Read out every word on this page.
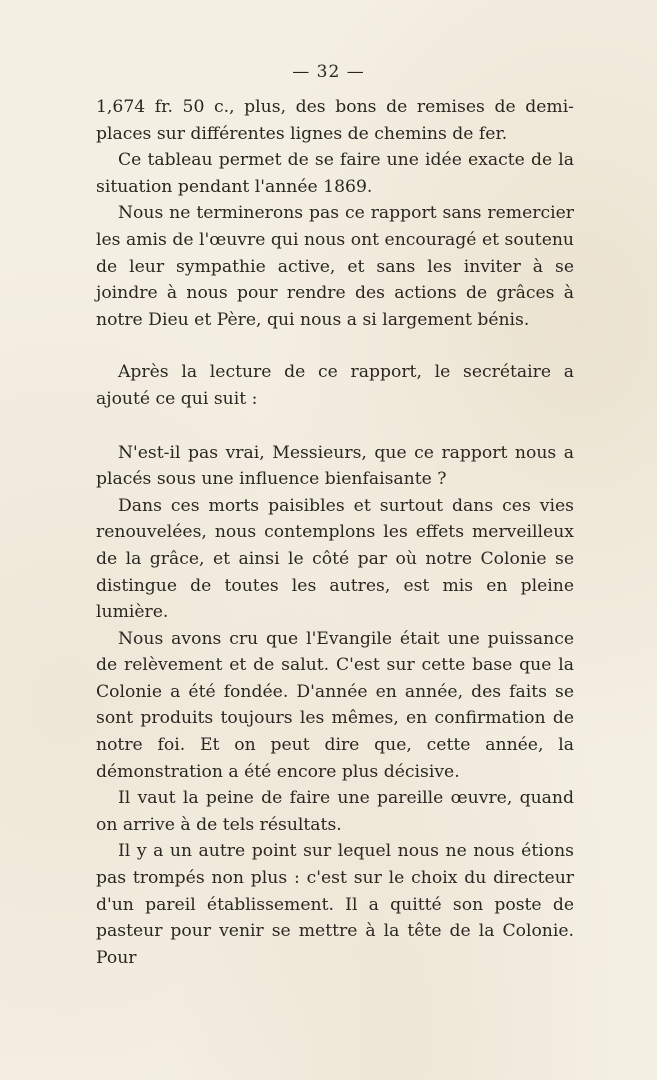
— 32 —

1,674 fr. 50 c., plus, des bons de remises de demi-places sur différentes lignes de chemins de fer.

Ce tableau permet de se faire une idée exacte de la situation pendant l'année 1869.

Nous ne terminerons pas ce rapport sans remercier les amis de l'œuvre qui nous ont encouragé et soutenu de leur sympathie active, et sans les inviter à se joindre à nous pour rendre des actions de grâces à notre Dieu et Père, qui nous a si largement bénis.

Après la lecture de ce rapport, le secrétaire a ajouté ce qui suit :

N'est-il pas vrai, Messieurs, que ce rapport nous a placés sous une influence bienfaisante ?

Dans ces morts paisibles et surtout dans ces vies renouvelées, nous contemplons les effets merveilleux de la grâce, et ainsi le côté par où notre Colonie se distingue de toutes les autres, est mis en pleine lumière.

Nous avons cru que l'Evangile était une puissance de relèvement et de salut. C'est sur cette base que la Colonie a été fondée. D'année en année, des faits se sont produits toujours les mêmes, en confirmation de notre foi. Et on peut dire que, cette année, la démonstration a été encore plus décisive.

Il vaut la peine de faire une pareille œuvre, quand on arrive à de tels résultats.

Il y a un autre point sur lequel nous ne nous étions pas trompés non plus : c'est sur le choix du directeur d'un pareil établissement. Il a quitté son poste de pasteur pour venir se mettre à la tête de la Colonie. Pour
